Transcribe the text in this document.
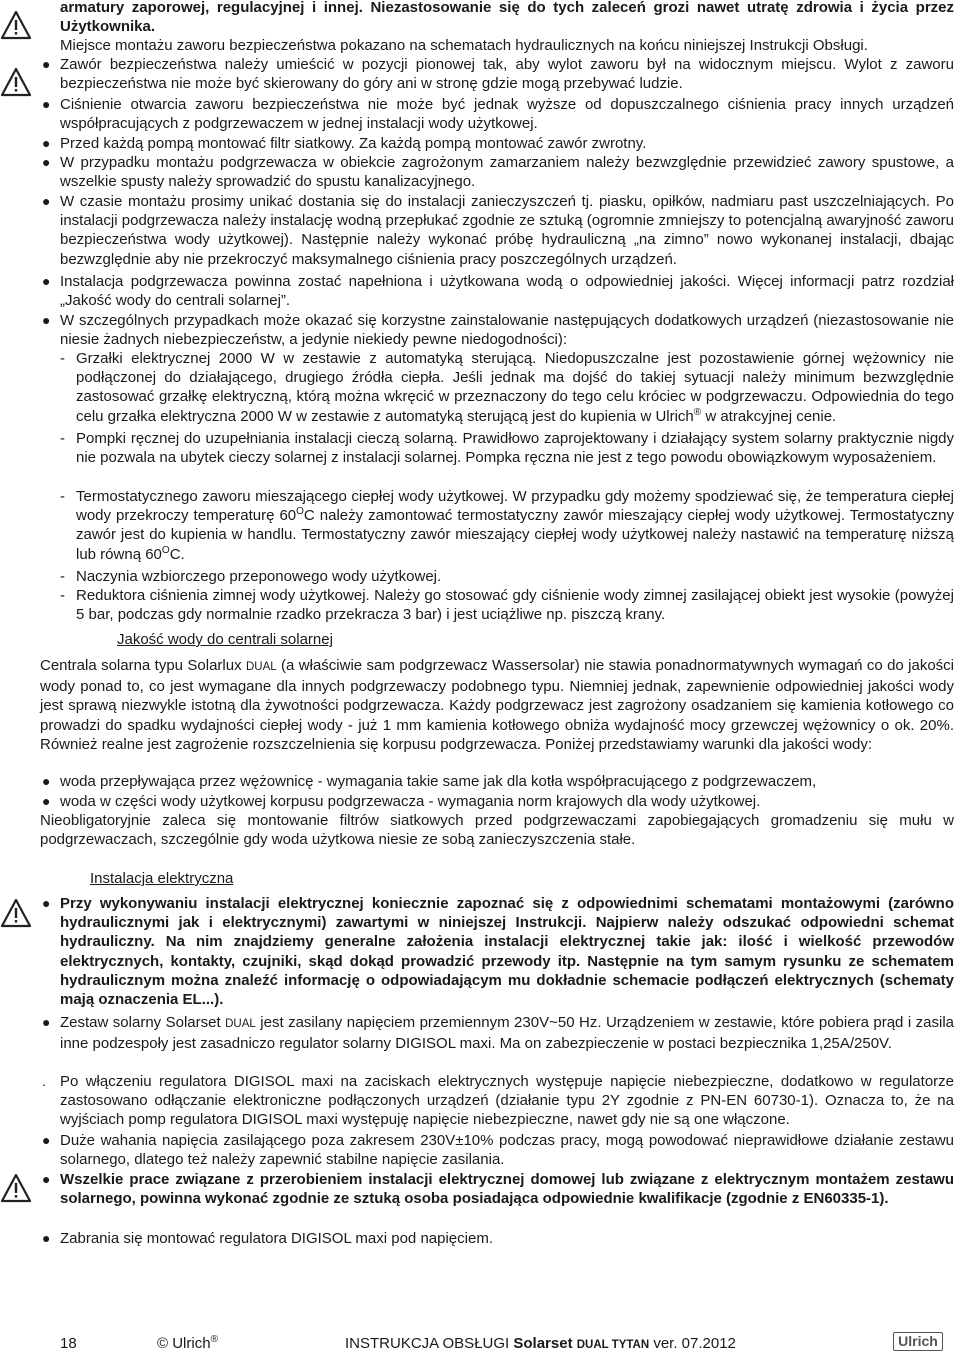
armatury zaporowej, regulacyjnej i innej. Niezastosowanie się do tych zaleceń grozi nawet utratę zdrowia i życia przez Użytkownika.
Miejsce montażu zaworu bezpieczeństwa pokazano na schematach hydraulicznych na końcu niniejszej Instrukcji Obsługi.
● Zawór bezpieczeństwa należy umieścić w pozycji pionowej tak, aby wylot zaworu był na widocznym miejscu. Wylot z zaworu bezpieczeństwa nie może być skierowany do góry ani w stronę gdzie mogą przebywać ludzie.
● Ciśnienie otwarcia zaworu bezpieczeństwa nie może być jednak wyższe od dopuszczalnego ciśnienia pracy innych urządzeń współpracujących z podgrzewaczem w jednej instalacji wody użytkowej.
● Przed każdą pompą montować filtr siatkowy. Za każdą pompą montować zawór zwrotny.
● W przypadku montażu podgrzewacza w obiekcie zagrożonym zamarzaniem należy bezwzględnie przewidzieć zawory spustowe, a wszelkie spusty należy sprowadzić do spustu kanalizacyjnego.
● W czasie montażu prosimy unikać dostania się do instalacji zanieczyszczeń tj. piasku, opiłków, nadmiaru past uszczelniających. Po instalacji podgrzewacza należy instalację wodną przepłukać zgodnie ze sztuką (ogromnie zmniejszy to potencjalną awaryjność zaworu bezpieczeństwa wody użytkowej). Następnie należy wykonać próbę hydrauliczną „na zimno” nowo wykonanej instalacji, dbając bezwzględnie aby nie przekroczyć maksymalnego ciśnienia pracy poszczególnych urządzeń.
● Instalacja podgrzewacza powinna zostać napełniona i użytkowana wodą o odpowiedniej jakości. Więcej informacji patrz rozdział „Jakość wody do centrali solarnej”.
● W szczególnych przypadkach może okazać się korzystne zainstalowanie następujących dodatkowych urządzeń (niezastosowanie nie niesie żadnych niebezpieczeństw, a jedynie niekiedy pewne niedogodności):
- Grzałki elektrycznej 2000 W w zestawie z automatyką sterującą. Niedopuszczalne jest pozostawienie górnej wężownicy nie podłączonej do działającego, drugiego źródła ciepła. Jeśli jednak ma dojść do takiej sytuacji należy minimum bezwzględnie zastosować grzałkę elektryczną, którą można wkręcić w przeznaczony do tego celu króciec w podgrzewaczu. Odpowiednia do tego celu grzałka elektryczna 2000 W w zestawie z automatyką sterującą jest do kupienia w Ulrich® w atrakcyjnej cenie.
- Pompki ręcznej do uzupełniania instalacji cieczą solarną. Prawidłowo zaprojektowany i działający system solarny praktycznie nigdy nie pozwala na ubytek cieczy solarnej z instalacji solarnej. Pompka ręczna nie jest z tego powodu obowiązkowym wyposażeniem.
- Termostatycznego zaworu mieszającego ciepłej wody użytkowej. W przypadku gdy możemy spodziewać się, że temperatura ciepłej wody przekroczy temperaturę $60^OC$ należy zamontować termostatyczny zawór mieszający ciepłej wody użytkowej. Termostatyczny zawór jest do kupienia w handlu. Termostatyczny zawór mieszający ciepłej wody użytkowej należy nastawić na temperaturę niższą lub równą $60^OC$.
- Naczynia wzbiorczego przeponowego wody użytkowej.
- Reduktora ciśnienia zimnej wody użytkowej. Należy go stosować gdy ciśnienie wody zimnej zasilającej obiekt jest wysokie (powyżej 5 bar, podczas gdy normalnie rzadko przekracza 3 bar) i jest uciążliwe np. piszczą krany.
Jakość wody do centrali solarnej
Centrala solarna typu Solarlux DUAL (a właściwie sam podgrzewacz Wassersolar) nie stawia ponadnormatywnych wymagań co do jakości wody ponad to, co jest wymagane dla innych podgrzewaczy podobnego typu. Niemniej jednak, zapewnienie odpowiedniej jakości wody jest sprawą niezwykle istotną dla żywotności podgrzewacza. Każdy podgrzewacz jest zagrożony osadzaniem się kamienia kotłowego co prowadzi do spadku wydajności ciepłej wody - już 1 mm kamienia kotłowego obniża wydajność mocy grzewczej wężownicy o ok. 20%. Również realne jest zagrożenie rozszczelnienia się korpusu podgrzewacza. Poniżej przedstawiamy warunki dla jakości wody:
● woda przepływająca przez wężownicę - wymagania takie same jak dla kotła współpracującego z podgrzewaczem,
● woda w części wody użytkowej korpusu podgrzewacza - wymagania norm krajowych dla wody użytkowej.
Nieobligatoryjnie zaleca się montowanie filtrów siatkowych przed podgrzewaczami zapobiegających gromadzeniu się mułu w podgrzewaczach, szczególnie gdy woda użytkowa niesie ze sobą zanieczyszczenia stałe.
Instalacja elektryczna
● Przy wykonywaniu instalacji elektrycznej koniecznie zapoznać się z odpowiednimi schematami montażowymi (zarówno hydraulicznymi jak i elektrycznymi) zawartymi w niniejszej Instrukcji. Najpierw należy odszukać odpowiedni schemat hydrauliczny. Na nim znajdziemy generalne założenia instalacji elektrycznej takie jak: ilość i wielkość przewodów elektrycznych, kontakty, czujniki, skąd dokąd prowadzić przewody itp. Następnie na tym samym rysunku ze schematem hydraulicznym można znaleźć informację o odpowiadającym mu dokładnie schemacie podłączeń elektrycznych (schematy mają oznaczenia EL...).
● Zestaw solarny Solarset DUAL jest zasilany napięciem przemiennym 230V~50 Hz. Urządzeniem w zestawie, które pobiera prąd i zasila inne podzespoły jest zasadniczo regulator solarny DIGISOL maxi. Ma on zabezpieczenie w postaci bezpiecznika 1,25A/250V.
. Po włączeniu regulatora DIGISOL maxi na zaciskach elektrycznych występuje napięcie niebezpieczne, dodatkowo w regulatorze zastosowano odłączanie elektroniczne podłączonych urządzeń (działanie typu 2Y zgodnie z PN-EN 60730-1). Oznacza to, że na wyjściach pomp regulatora DIGISOL maxi występuję napięcie niebezpieczne, nawet gdy nie są one włączone.
● Duże wahania napięcia zasilającego poza zakresem 230V±10% podczas pracy, mogą powodować nieprawidłowe działanie zestawu solarnego, dlatego też należy zapewnić stabilne napięcie zasilania.
● Wszelkie prace związane z przerobieniem instalacji elektrycznej domowej lub związane z elektrycznym montażem zestawu solarnego, powinna wykonać zgodnie ze sztuką osoba posiadająca odpowiednie kwalifikacje (zgodnie z EN60335-1).
● Zabrania się montować regulatora DIGISOL maxi pod napięciem.
18	© Ulrich®	INSTRUKCJA OBSŁUGI Solarset DUAL TYTAN ver. 07.2012	Ulrich
